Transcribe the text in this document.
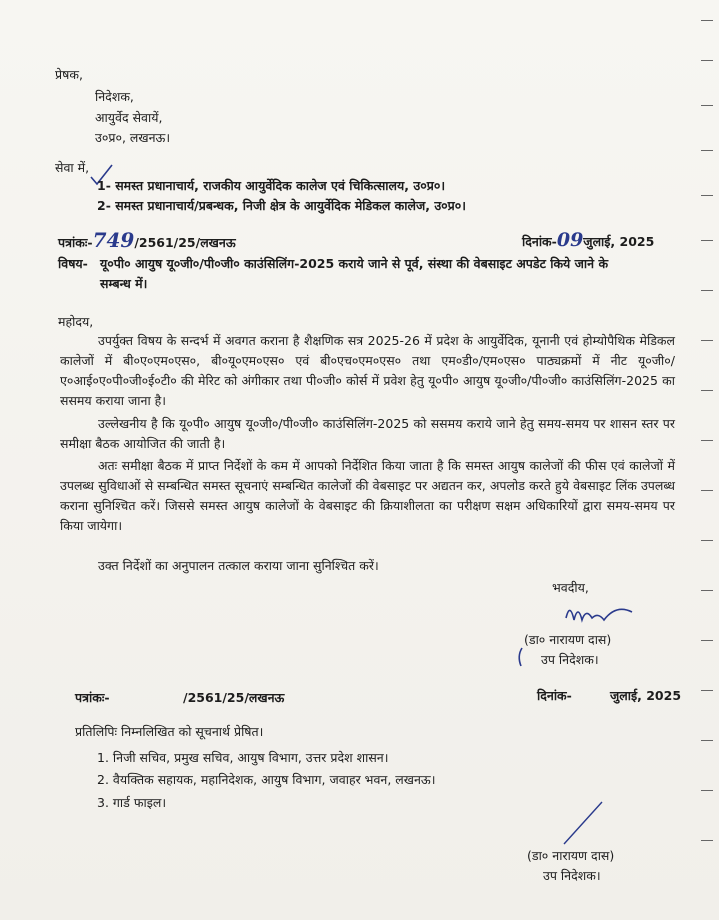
प्रेषक,
निदेशक,
आयुर्वेद सेवायें,
उ०प्र०, लखनऊ।
सेवा में,
1- समस्त प्रधानाचार्य, राजकीय आयुर्वेदिक कालेज एवं चिकित्सालय, उ०प्र०।
2- समस्त प्रधानाचार्य/प्रबन्धक, निजी क्षेत्र के आयुर्वेदिक मेडिकल कालेज, उ०प्र०।
पत्रांकः-749/2561/25/लखनऊ	दिनांक-09जुलाई, 2025
विषय- यू०पी० आयुष यू०जी०/पी०जी० काउंसिलिंग-2025 कराये जाने से पूर्व, संस्था की वेबसाइट अपडेट किये जाने के
सम्बन्ध में।
महोदय,
उपर्युक्त विषय के सन्दर्भ में अवगत कराना है शैक्षणिक सत्र 2025-26 में प्रदेश के आयुर्वेदिक, यूनानी एवं होम्योपैथिक मेडिकल कालेजों में बी०ए०एम०एस०, बी०यू०एम०एस० एवं बी०एच०एम०एस० तथा एम०डी०/एम०एस० पाठ्यक्रमों में नीट यू०जी०/ए०आई०ए०पी०जी०ई०टी० की मेरिट को अंगीकार तथा पी०जी० कोर्स में प्रवेश हेतु यू०पी० आयुष यू०जी०/पी०जी० काउंसिलिंग-2025 का ससमय कराया जाना है।
उल्लेखनीय है कि यू०पी० आयुष यू०जी०/पी०जी० काउंसिलिंग-2025 को ससमय कराये जाने हेतु समय-समय पर शासन स्तर पर समीक्षा बैठक आयोजित की जाती है।
अतः समीक्षा बैठक में प्राप्त निर्देशों के कम में आपको निर्देशित किया जाता है कि समस्त आयुष कालेजों की फीस एवं कालेजों में उपलब्ध सुविधाओं से सम्बन्धित समस्त सूचनाएं सम्बन्धित कालेजों की वेबसाइट पर अद्यतन कर, अपलोड करते हुये वेबसाइट लिंक उपलब्ध कराना सुनिश्चित करें। जिससे समस्त आयुष कालेजों के वेबसाइट की क्रियाशीलता का परीक्षण सक्षम अधिकारियों द्वारा समय-समय पर किया जायेगा।
उक्त निर्देशों का अनुपालन तत्काल कराया जाना सुनिश्चित करें।
भवदीय,
(डा० नारायण दास)
उप निदेशक।
पत्रांकः-	/2561/25/लखनऊ	दिनांक-	जुलाई, 2025
प्रतिलिपिः निम्नलिखित को सूचनार्थ प्रेषित।
1. निजी सचिव, प्रमुख सचिव, आयुष विभाग, उत्तर प्रदेश शासन।
2. वैयक्तिक सहायक, महानिदेशक, आयुष विभाग, जवाहर भवन, लखनऊ।
3. गार्ड फाइल।
(डा० नारायण दास)
उप निदेशक।
